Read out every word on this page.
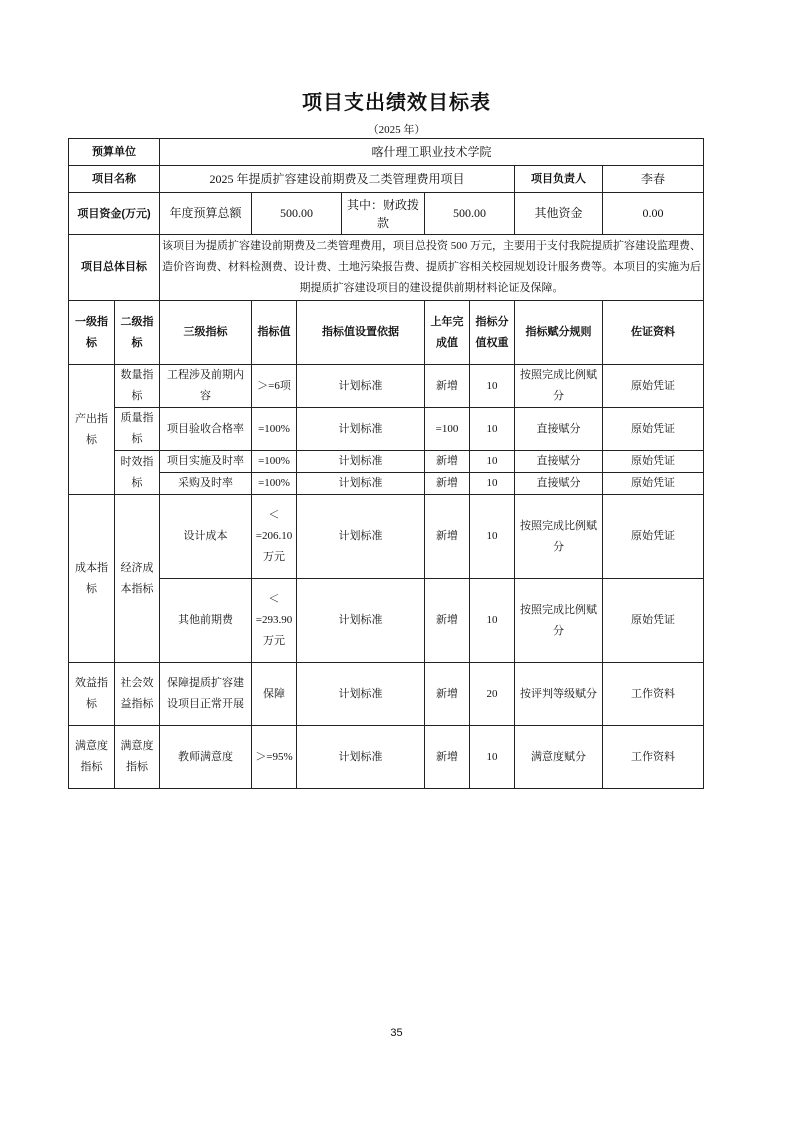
项目支出绩效目标表
（2025 年）
预算单位		喀什理工职业技术学院							
项目名称		2025 年提质扩容建设前期费及二类管理费用项目						项目负责人	李春
项目资金(万元)		年度预算总额	500.00		其中：财政拨款	500.00		其他资金	0.00
项目总体目标		该项目为提质扩容建设前期费及二类管理费用，项目总投资 500 万元，主要用于支付我院提质扩容建设监理费、造价咨询费、材料检测费、设计费、土地污染报告费、提质扩容相关校园规划设计服务费等。本项目的实施为后期提质扩容建设项目的建设提供前期材料论证及保障。							
一级指标	二级指标	三级指标	指标值	指标值设置依据		上年完成值	指标分值权重	指标赋分规则	佐证资料
产出指标	数量指标	工程涉及前期内容	＞=6项	计划标准		新增	10	按照完成比例赋分	原始凭证
	质量指标	项目验收合格率	=100%	计划标准		=100	10	直接赋分	原始凭证
	时效指标	项目实施及时率	=100%	计划标准		新增	10	直接赋分	原始凭证
		采购及时率	=100%	计划标准		新增	10	直接赋分	原始凭证
成本指标	经济成本指标	设计成本	＜=206.10万元	计划标准		新增	10	按照完成比例赋分	原始凭证
		其他前期费	＜=293.90万元	计划标准		新增	10	按照完成比例赋分	原始凭证
效益指标	社会效益指标	保障提质扩容建设项目正常开展	保障	计划标准		新增	20	按评判等级赋分	工作资料
满意度指标	满意度指标	教师满意度	＞=95%	计划标准		新增	10	满意度赋分	工作资料
35
